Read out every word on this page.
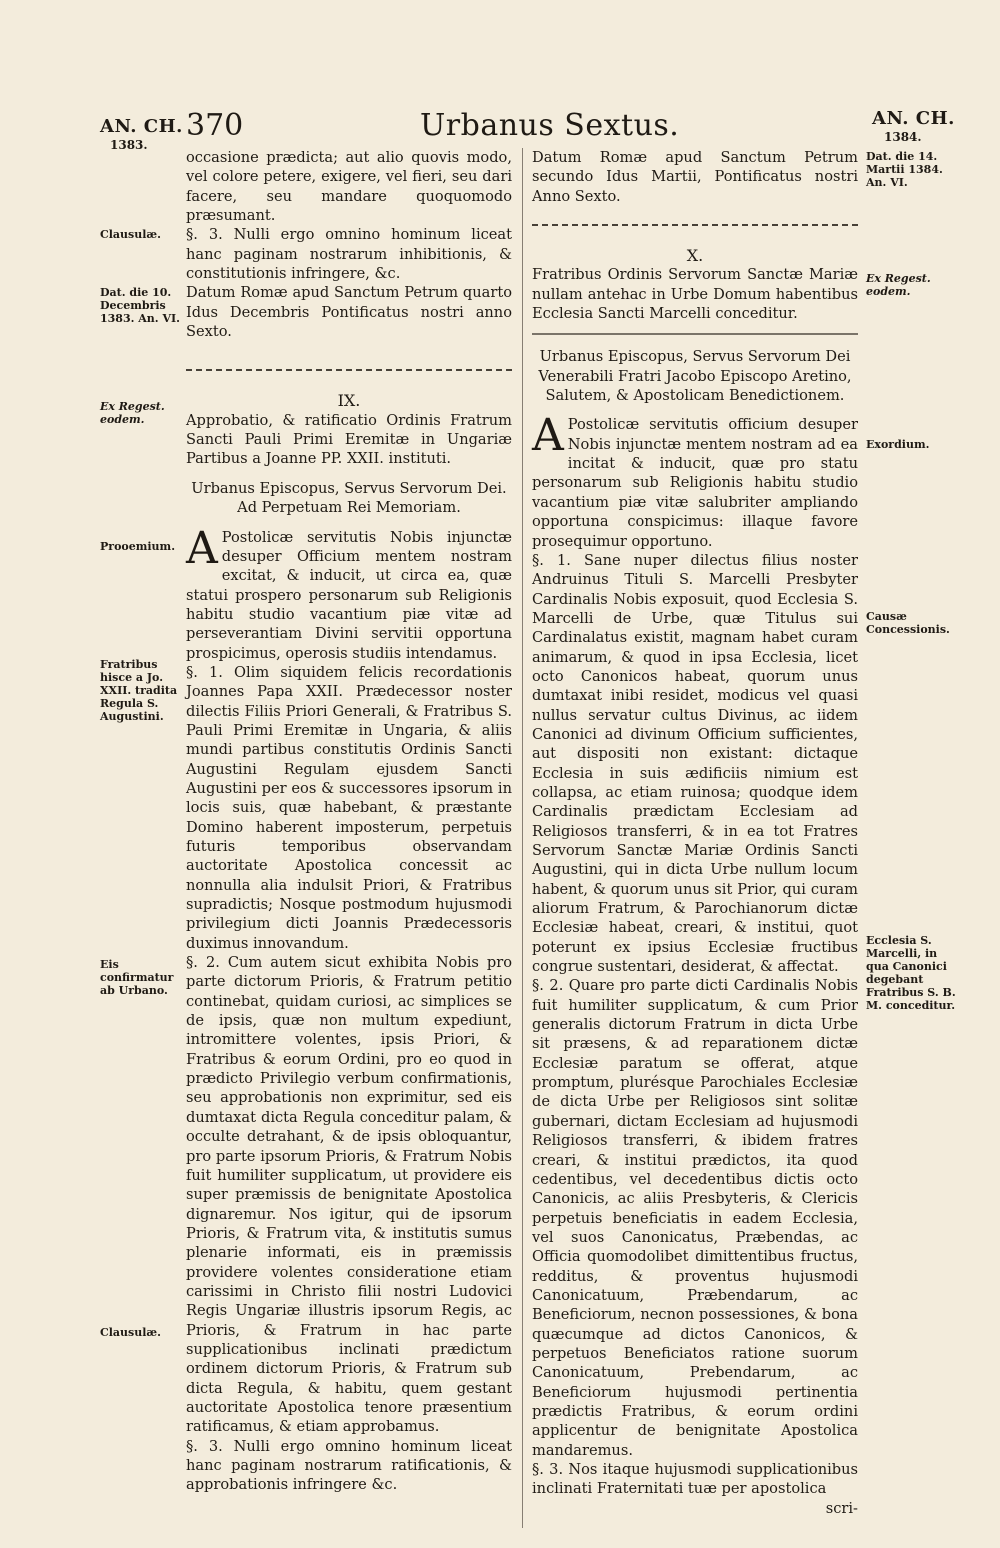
AN. CH.
1383.
370	Urbanus Sextus.	AN. CH.
1384.
Clausulæ.
Dat. die 10. Decembris 1383. An. VI.
Ex Regest. eodem.
Prooemium.
Fratribus hisce a Jo. XXII. tradita Regula S. Augustini.
Eis confirmatur ab Urbano.
Clausulæ.
Dat. die 14. Martii 1384. An. VI.
Ex Regest. eodem.
Exordium.
Causæ Concessionis.
Ecclesia S. Marcelli, in qua Canonici degebant Fratribus S. B. M. conceditur.

occasione prædicta; aut alio quovis modo, vel colore petere, exigere, vel fieri, seu dari facere, seu mandare quoquomodo præsumant.

§. 3. Nulli ergo omnino hominum liceat hanc paginam nostrarum inhibitionis, & constitutionis infringere, &c.

Datum Romæ apud Sanctum Petrum quarto Idus Decembris Pontificatus nostri anno Sexto.

IX.

Approbatio, & ratificatio Ordinis Fratrum Sancti Pauli Primi Eremitæ in Ungariæ Partibus a Joanne PP. XXII. instituti.

Urbanus Episcopus, Servus Servorum Dei. Ad Perpetuam Rei Memoriam.

A Postolicæ servitutis Nobis injunctæ desuper Officium mentem nostram excitat, & inducit, ut circa ea, quæ statui prospero personarum sub Religionis habitu studio vacantium piæ vitæ ad perseverantiam Divini servitii opportuna prospicimus, operosis studiis intendamus.

§. 1. Olim siquidem felicis recordationis Joannes Papa XXII. Prædecessor noster dilectis Filiis Priori Generali, & Fratribus S. Pauli Primi Eremitæ in Ungaria, & aliis mundi partibus constitutis Ordinis Sancti Augustini Regulam ejusdem Sancti Augustini per eos & successores ipsorum in locis suis, quæ habebant, & præstante Domino haberent imposterum, perpetuis futuris temporibus observandam auctoritate Apostolica concessit ac nonnulla alia indulsit Priori, & Fratribus supradictis; Nosque postmodum hujusmodi privilegium dicti Joannis Prædecessoris duximus innovandum.

§. 2. Cum autem sicut exhibita Nobis pro parte dictorum Prioris, & Fratrum petitio continebat, quidam curiosi, ac simplices se de ipsis, quæ non multum expediunt, intromittere volentes, ipsis Priori, & Fratribus & eorum Ordini, pro eo quod in prædicto Privilegio verbum confirmationis, seu approbationis non exprimitur, sed eis dumtaxat dicta Regula conceditur palam, & occulte detrahant, & de ipsis obloquantur, pro parte ipsorum Prioris, & Fratrum Nobis fuit humiliter supplicatum, ut providere eis super præmissis de benignitate Apostolica dignaremur. Nos igitur, qui de ipsorum Prioris, & Fratrum vita, & institutis sumus plenarie informati, eis in præmissis providere volentes consideratione etiam carissimi in Christo filii nostri Ludovici Regis Ungariæ illustris ipsorum Regis, ac Prioris, & Fratrum in hac parte supplicationibus inclinati prædictum ordinem dictorum Prioris, & Fratrum sub dicta Regula, & habitu, quem gestant auctoritate Apostolica tenore præsentium ratificamus, & etiam approbamus.

§. 3. Nulli ergo omnino hominum liceat hanc paginam nostrarum ratificationis, & approbationis infringere &c.

Datum Romæ apud Sanctum Petrum secundo Idus Martii, Pontificatus nostri Anno Sexto.

X.

Fratribus Ordinis Servorum Sanctæ Mariæ nullam antehac in Urbe Domum habentibus Ecclesia Sancti Marcelli conceditur.

Urbanus Episcopus, Servus Servorum Dei Venerabili Fratri Jacobo Episcopo Aretino, Salutem, & Apostolicam Benedictionem.

A Postolicæ servitutis officium desuper Nobis injunctæ mentem nostram ad ea incitat & inducit, quæ pro statu personarum sub Religionis habitu studio vacantium piæ vitæ salubriter ampliando opportuna conspicimus: illaque favore prosequimur opportuno.

§. 1. Sane nuper dilectus filius noster Andruinus Tituli S. Marcelli Presbyter Cardinalis Nobis exposuit, quod Ecclesia S. Marcelli de Urbe, quæ Titulus sui Cardinalatus existit, magnam habet curam animarum, & quod in ipsa Ecclesia, licet octo Canonicos habeat, quorum unus dumtaxat inibi residet, modicus vel quasi nullus servatur cultus Divinus, ac iidem Canonici ad divinum Officium sufficientes, aut dispositi non existant: dictaque Ecclesia in suis ædificiis nimium est collapsa, ac etiam ruinosa; quodque idem Cardinalis prædictam Ecclesiam ad Religiosos transferri, & in ea tot Fratres Servorum Sanctæ Mariæ Ordinis Sancti Augustini, qui in dicta Urbe nullum locum habent, & quorum unus sit Prior, qui curam aliorum Fratrum, & Parochianorum dictæ Ecclesiæ habeat, creari, & institui, quot poterunt ex ipsius Ecclesiæ fructibus congrue sustentari, desiderat, & affectat.

§. 2. Quare pro parte dicti Cardinalis Nobis fuit humiliter supplicatum, & cum Prior generalis dictorum Fratrum in dicta Urbe sit præsens, & ad reparationem dictæ Ecclesiæ paratum se offerat, atque promptum, plurésque Parochiales Ecclesiæ de dicta Urbe per Religiosos sint solitæ gubernari, dictam Ecclesiam ad hujusmodi Religiosos transferri, & ibidem fratres creari, & institui prædictos, ita quod cedentibus, vel decedentibus dictis octo Canonicis, ac aliis Presbyteris, & Clericis perpetuis beneficiatis in eadem Ecclesia, vel suos Canonicatus, Præbendas, ac Officia quomodolibet dimittentibus fructus, redditus, & proventus hujusmodi Canonicatuum, Præbendarum, ac Beneficiorum, necnon possessiones, & bona quæcumque ad dictos Canonicos, & perpetuos Beneficiatos ratione suorum Canonicatuum, Prebendarum, ac Beneficiorum hujusmodi pertinentia prædictis Fratribus, & eorum ordini applicentur de benignitate Apostolica mandaremus.

§. 3. Nos itaque hujusmodi supplicationibus inclinati Fraternitati tuæ per apostolica

scri-
